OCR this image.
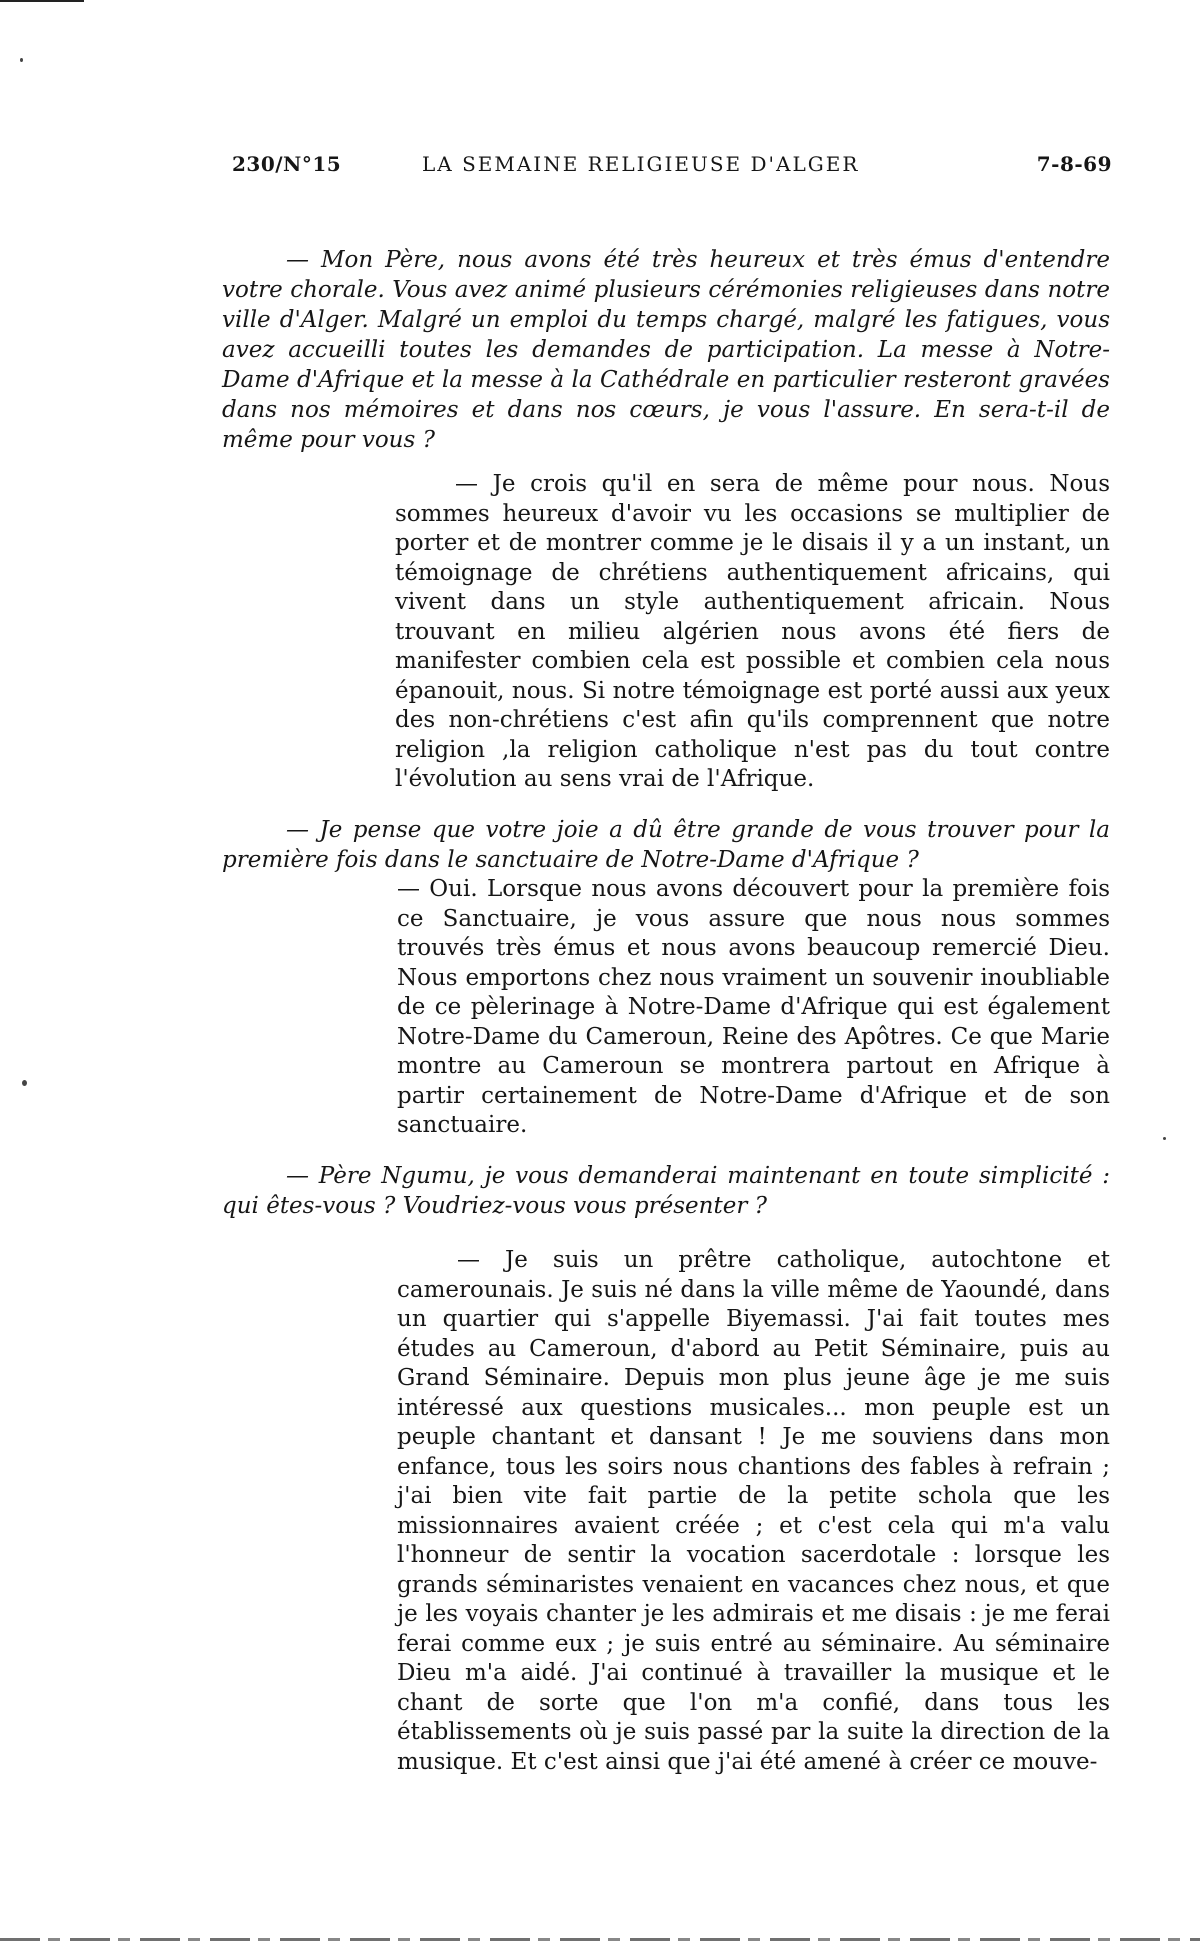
230/N°15	LA SEMAINE RELIGIEUSE D'ALGER	7-8-69

— Mon Père, nous avons été très heureux et très émus d'entendre votre chorale. Vous avez animé plusieurs cérémonies religieuses dans notre ville d'Alger. Malgré un emploi du temps chargé, malgré les fatigues, vous avez accueilli toutes les demandes de participation. La messe à Notre-Dame d'Afrique et la messe à la Cathédrale en particulier resteront gravées dans nos mémoires et dans nos cœurs, je vous l'assure. En sera-t-il de même pour vous ?

— Je crois qu'il en sera de même pour nous. Nous sommes heureux d'avoir vu les occasions se multiplier de porter et de montrer comme je le disais il y a un instant, un témoignage de chrétiens authentiquement africains, qui vivent dans un style authentiquement africain. Nous trouvant en milieu algérien nous avons été fiers de manifester combien cela est possible et combien cela nous épanouit, nous. Si notre témoignage est porté aussi aux yeux des non-chrétiens c'est afin qu'ils comprennent que notre religion ,la religion catholique n'est pas du tout contre l'évolution au sens vrai de l'Afrique.

— Je pense que votre joie a dû être grande de vous trouver pour la première fois dans le sanctuaire de Notre-Dame d'Afrique ?

— Oui. Lorsque nous avons découvert pour la première fois ce Sanctuaire, je vous assure que nous nous sommes trouvés très émus et nous avons beaucoup remercié Dieu. Nous emportons chez nous vraiment un souvenir inoubliable de ce pèlerinage à Notre-Dame d'Afrique qui est également Notre-Dame du Cameroun, Reine des Apôtres. Ce que Marie montre au Cameroun se montrera partout en Afrique à partir certainement de Notre-Dame d'Afrique et de son sanctuaire.

— Père Ngumu, je vous demanderai maintenant en toute simplicité : qui êtes-vous ? Voudriez-vous vous présenter ?

— Je suis un prêtre catholique, autochtone et camerounais. Je suis né dans la ville même de Yaoundé, dans un quartier qui s'appelle Biyemassi. J'ai fait toutes mes études au Cameroun, d'abord au Petit Séminaire, puis au Grand Séminaire. Depuis mon plus jeune âge je me suis intéressé aux questions musicales... mon peuple est un peuple chantant et dansant ! Je me souviens dans mon enfance, tous les soirs nous chantions des fables à refrain ; j'ai bien vite fait partie de la petite schola que les missionnaires avaient créée ; et c'est cela qui m'a valu l'honneur de sentir la vocation sacerdotale : lorsque les grands séminaristes venaient en vacances chez nous, et que je les voyais chanter je les admirais et me disais : je me ferai ferai comme eux ; je suis entré au séminaire. Au séminaire Dieu m'a aidé. J'ai continué à travailler la musique et le chant de sorte que l'on m'a confié, dans tous les établissements où je suis passé par la suite la direction de la musique. Et c'est ainsi que j'ai été amené à créer ce mouve-
